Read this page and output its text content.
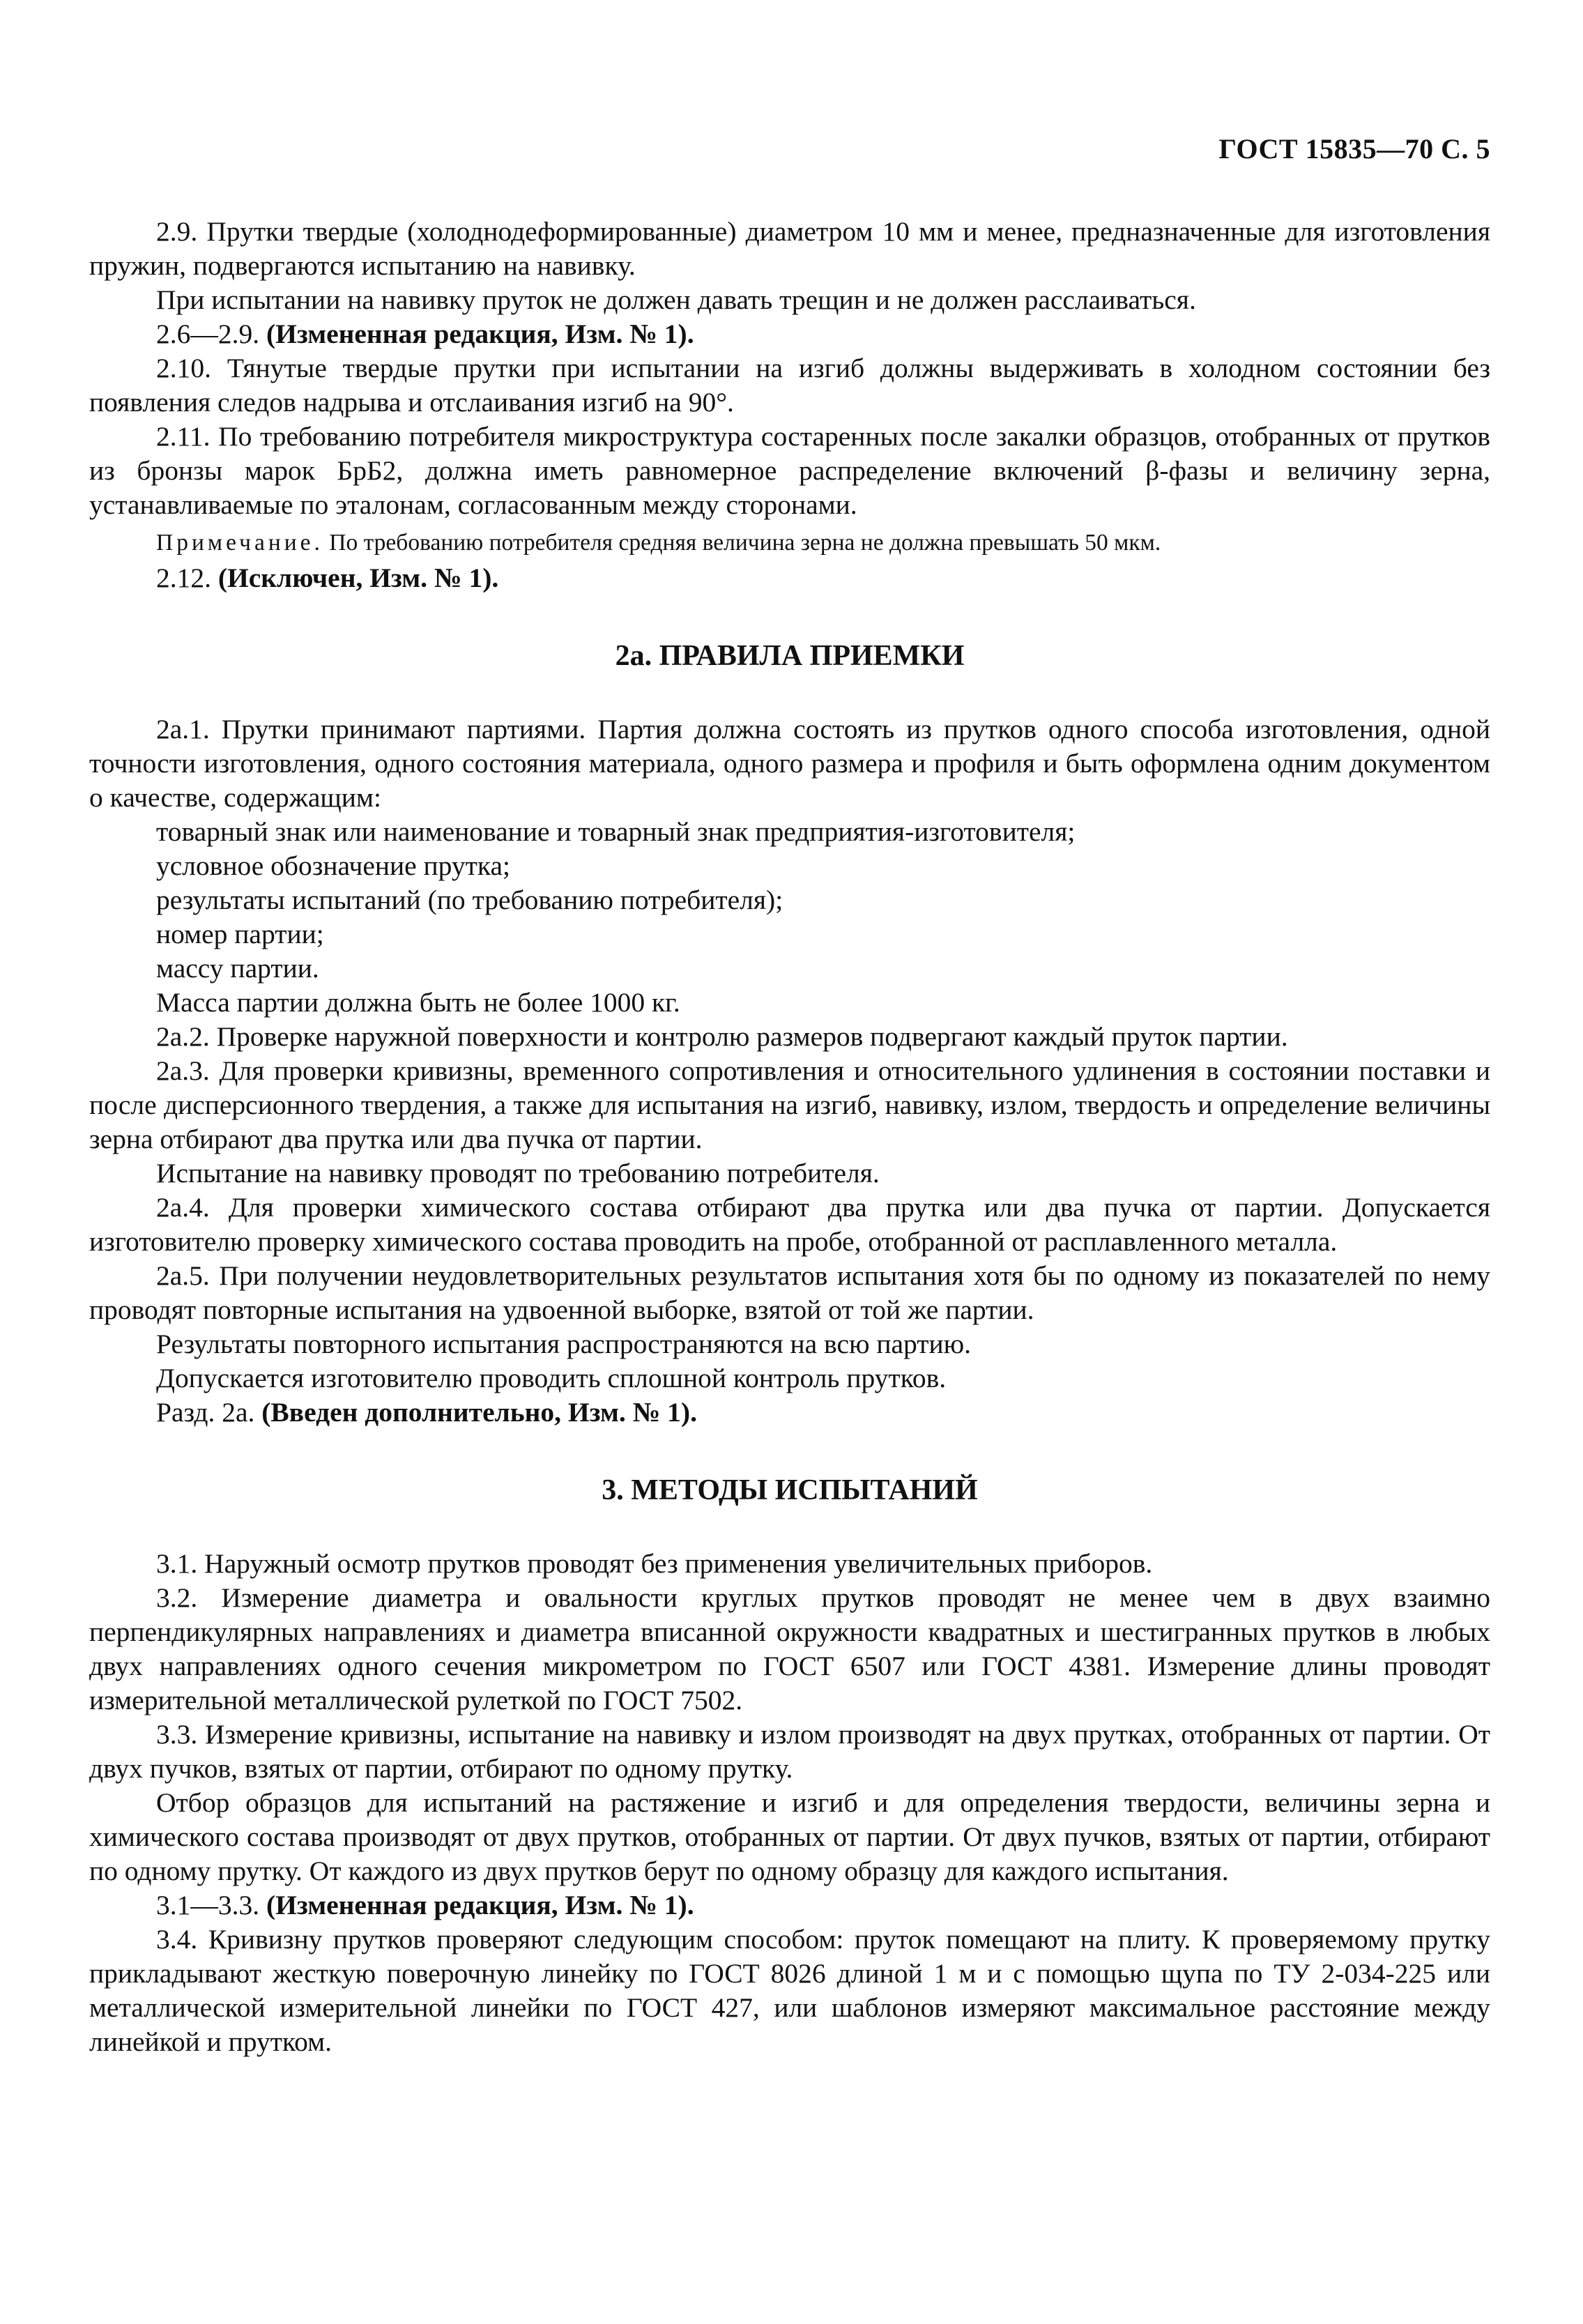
ГОСТ 15835—70 С. 5

2.9. Прутки твердые (холоднодеформированные) диаметром 10 мм и менее, предназначенные для изготовления пружин, подвергаются испытанию на навивку.

При испытании на навивку пруток не должен давать трещин и не должен расслаиваться.

2.6—2.9. (Измененная редакция, Изм. № 1).

2.10. Тянутые твердые прутки при испытании на изгиб должны выдерживать в холодном состоянии без появления следов надрыва и отслаивания изгиб на 90°.

2.11. По требованию потребителя микроструктура состаренных после закалки образцов, отобранных от прутков из бронзы марок БрБ2, должна иметь равномерное распределение включений β-фазы и величину зерна, устанавливаемые по эталонам, согласованным между сторонами.

Примечание. По требованию потребителя средняя величина зерна не должна превышать 50 мкм.

2.12. (Исключен, Изм. № 1).

2а. ПРАВИЛА ПРИЕМКИ

2а.1. Прутки принимают партиями. Партия должна состоять из прутков одного способа изготовления, одной точности изготовления, одного состояния материала, одного размера и профиля и быть оформлена одним документом о качестве, содержащим:

товарный знак или наименование и товарный знак предприятия-изготовителя;

условное обозначение прутка;

результаты испытаний (по требованию потребителя);

номер партии;

массу партии.

Масса партии должна быть не более 1000 кг.

2а.2. Проверке наружной поверхности и контролю размеров подвергают каждый пруток партии.

2а.3. Для проверки кривизны, временного сопротивления и относительного удлинения в состоянии поставки и после дисперсионного твердения, а также для испытания на изгиб, навивку, излом, твердость и определение величины зерна отбирают два прутка или два пучка от партии.

Испытание на навивку проводят по требованию потребителя.

2а.4. Для проверки химического состава отбирают два прутка или два пучка от партии. Допускается изготовителю проверку химического состава проводить на пробе, отобранной от расплавленного металла.

2а.5. При получении неудовлетворительных результатов испытания хотя бы по одному из показателей по нему проводят повторные испытания на удвоенной выборке, взятой от той же партии.

Результаты повторного испытания распространяются на всю партию.

Допускается изготовителю проводить сплошной контроль прутков.

Разд. 2а. (Введен дополнительно, Изм. № 1).

3. МЕТОДЫ ИСПЫТАНИЙ

3.1. Наружный осмотр прутков проводят без применения увеличительных приборов.

3.2. Измерение диаметра и овальности круглых прутков проводят не менее чем в двух взаимно перпендикулярных направлениях и диаметра вписанной окружности квадратных и шестигранных прутков в любых двух направлениях одного сечения микрометром по ГОСТ 6507 или ГОСТ 4381. Измерение длины проводят измерительной металлической рулеткой по ГОСТ 7502.

3.3. Измерение кривизны, испытание на навивку и излом производят на двух прутках, отобранных от партии. От двух пучков, взятых от партии, отбирают по одному прутку.

Отбор образцов для испытаний на растяжение и изгиб и для определения твердости, величины зерна и химического состава производят от двух прутков, отобранных от партии. От двух пучков, взятых от партии, отбирают по одному прутку. От каждого из двух прутков берут по одному образцу для каждого испытания.

3.1—3.3. (Измененная редакция, Изм. № 1).

3.4. Кривизну прутков проверяют следующим способом: пруток помещают на плиту. К проверяемому прутку прикладывают жесткую поверочную линейку по ГОСТ 8026 длиной 1 м и с помощью щупа по ТУ 2-034-225 или металлической измерительной линейки по ГОСТ 427, или шаблонов измеряют максимальное расстояние между линейкой и прутком.
